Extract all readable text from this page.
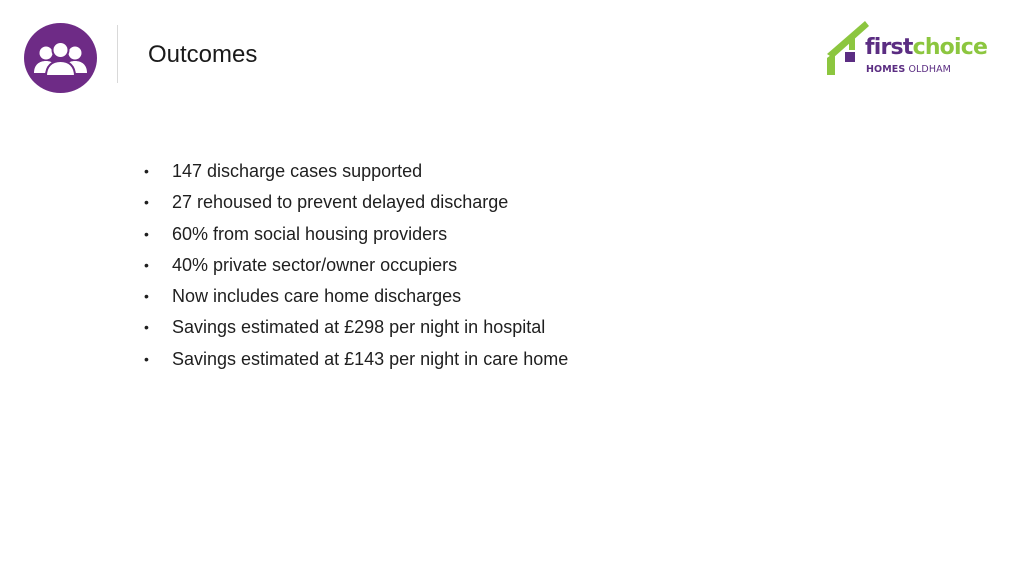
Outcomes	firstchoice
HOMES OLDHAM
• 147 discharge cases supported
• 27 rehoused to prevent delayed discharge
• 60% from social housing providers
• 40% private sector/owner occupiers
• Now includes care home discharges
• Savings estimated at £298 per night in hospital
• Savings estimated at £143 per night in care home
